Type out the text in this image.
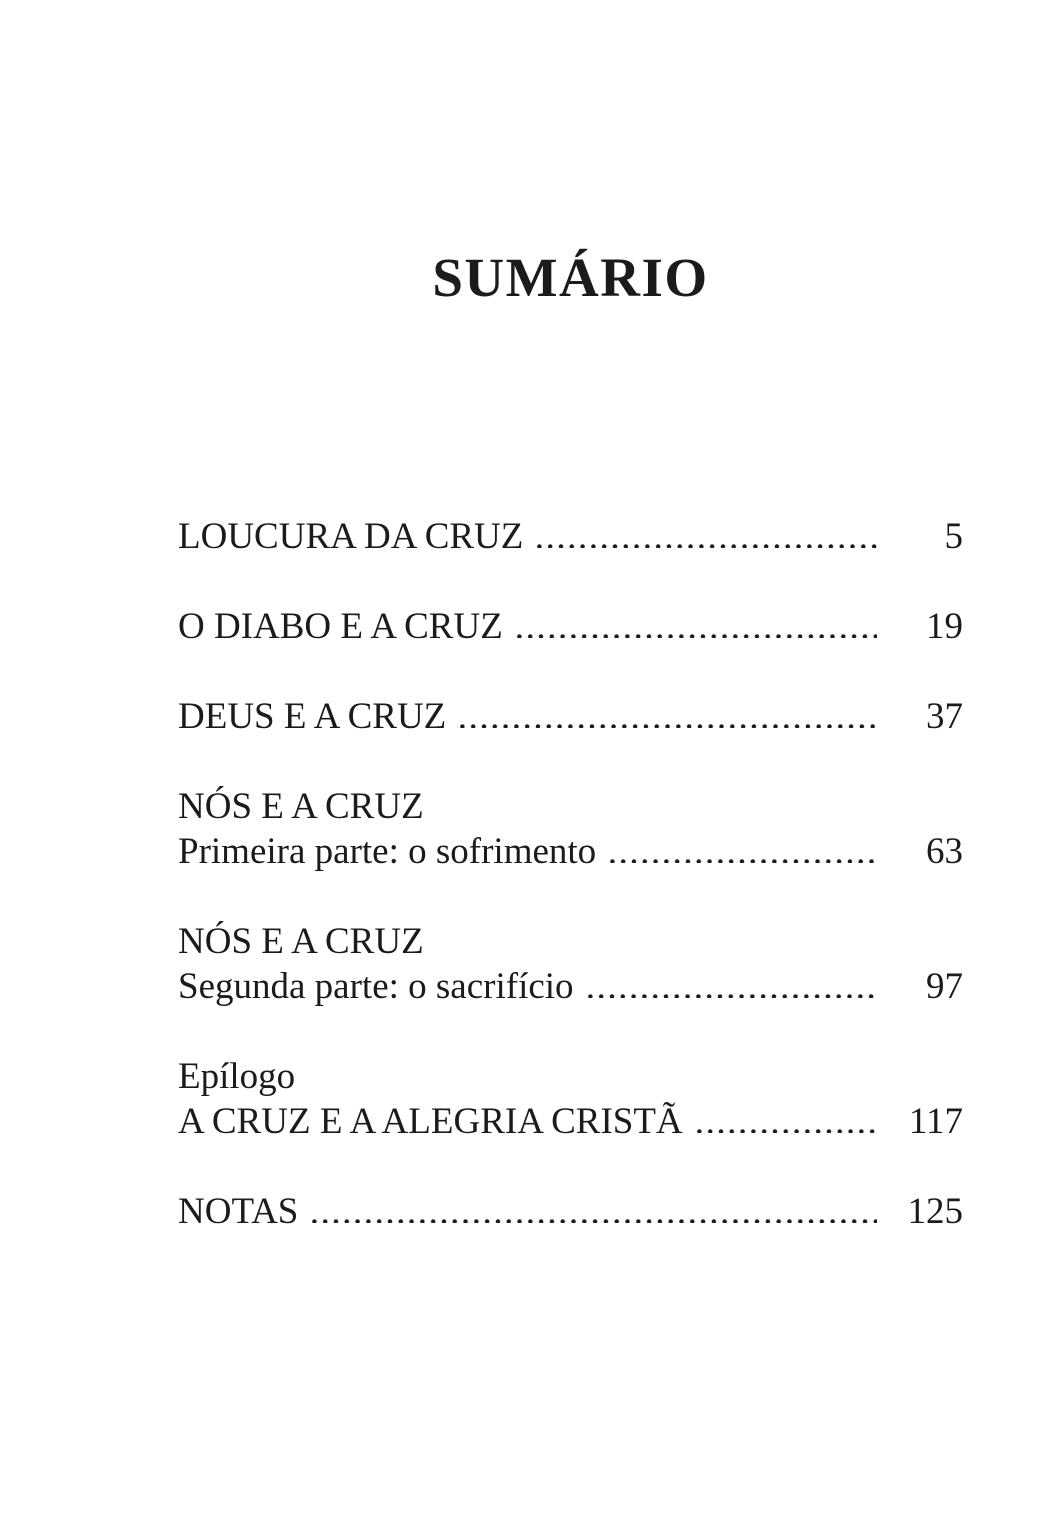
SUMÁRIO
LOUCURA DA CRUZ	5
O DIABO E A CRUZ	19
DEUS E A CRUZ	37
NÓS E A CRUZ
Primeira parte: o sofrimento	63
NÓS E A CRUZ
Segunda parte: o sacrifício	97
Epílogo
A CRUZ E A ALEGRIA CRISTÃ	117
NOTAS	125
